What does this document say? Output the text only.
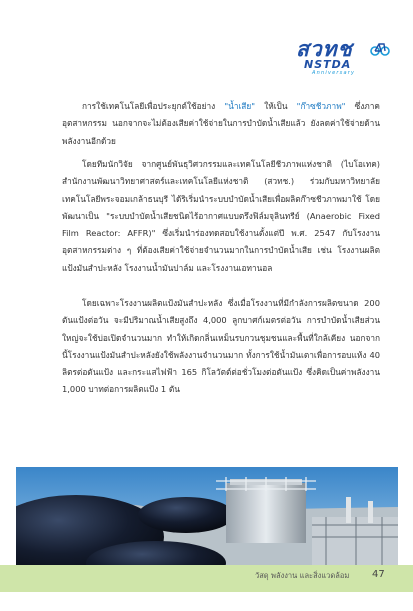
สวทช
NSTDA
Anniversary

การใช้เทคโนโลยีเพื่อประยุกต์ใช้อย่าง "น้ำเสีย" ให้เป็น "ก๊าซชีวภาพ" ซึ่งภาคอุตสาหกรรม นอกจากจะไม่ต้องเสียค่าใช้จ่ายในการบำบัดน้ำเสียแล้ว ยังลดค่าใช้จ่ายด้านพลังงานอีกด้วย

โดยทีมนักวิจัย จากศูนย์พันธุวิศวกรรมและเทคโนโลยีชีวภาพแห่งชาติ (ไบโอเทค) สำนักงานพัฒนาวิทยาศาสตร์และเทคโนโลยีแห่งชาติ (สวทช.) ร่วมกับมหาวิทยาลัยเทคโนโลยีพระจอมเกล้าธนบุรี ได้ริเริ่มนำระบบบำบัดน้ำเสียเพื่อผลิตก๊าซชีวภาพมาใช้ โดยพัฒนาเป็น "ระบบบำบัดน้ำเสียชนิดไร้อากาศแบบตรึงฟิล์มจุลินทรีย์ (Anaerobic Fixed Film Reactor: AFFR)" ซึ่งเริ่มนำร่องทดสอบใช้งานตั้งแต่ปี พ.ศ. 2547 กับโรงงานอุตสาหกรรมต่าง ๆ ที่ต้องเสียค่าใช้จ่ายจำนวนมากในการบำบัดน้ำเสีย เช่น โรงงานผลิตแป้งมันสำปะหลัง โรงงานน้ำมันปาล์ม และโรงงานเอทานอล

โดยเฉพาะโรงงานผลิตแป้งมันสำปะหลัง ซึ่งเมื่อโรงงานที่มีกำลังการผลิตขนาด 200 ตันแป้งต่อวัน จะมีปริมาณน้ำเสียสูงถึง 4,000 ลูกบาศก์เมตรต่อวัน การบำบัดน้ำเสียส่วนใหญ่จะใช้บ่อเปิดจำนวนมาก ทำให้เกิดกลิ่นเหม็นรบกวนชุมชนและพื้นที่ใกล้เคียง นอกจากนี้โรงงานแป้งมันสำปะหลังยังใช้พลังงานจำนวนมาก ทั้งการใช้น้ำมันเตาเพื่อการอบแห้ง 40 ลิตรต่อตันแป้ง และกระแสไฟฟ้า 165 กิโลวัตต์ต่อชั่วโมงต่อตันแป้ง ซึ่งคิดเป็นค่าพลังงาน 1,000 บาทต่อการผลิตแป้ง 1 ตัน

วัสดุ พลังงาน และสิ่งแวดล้อม 47
